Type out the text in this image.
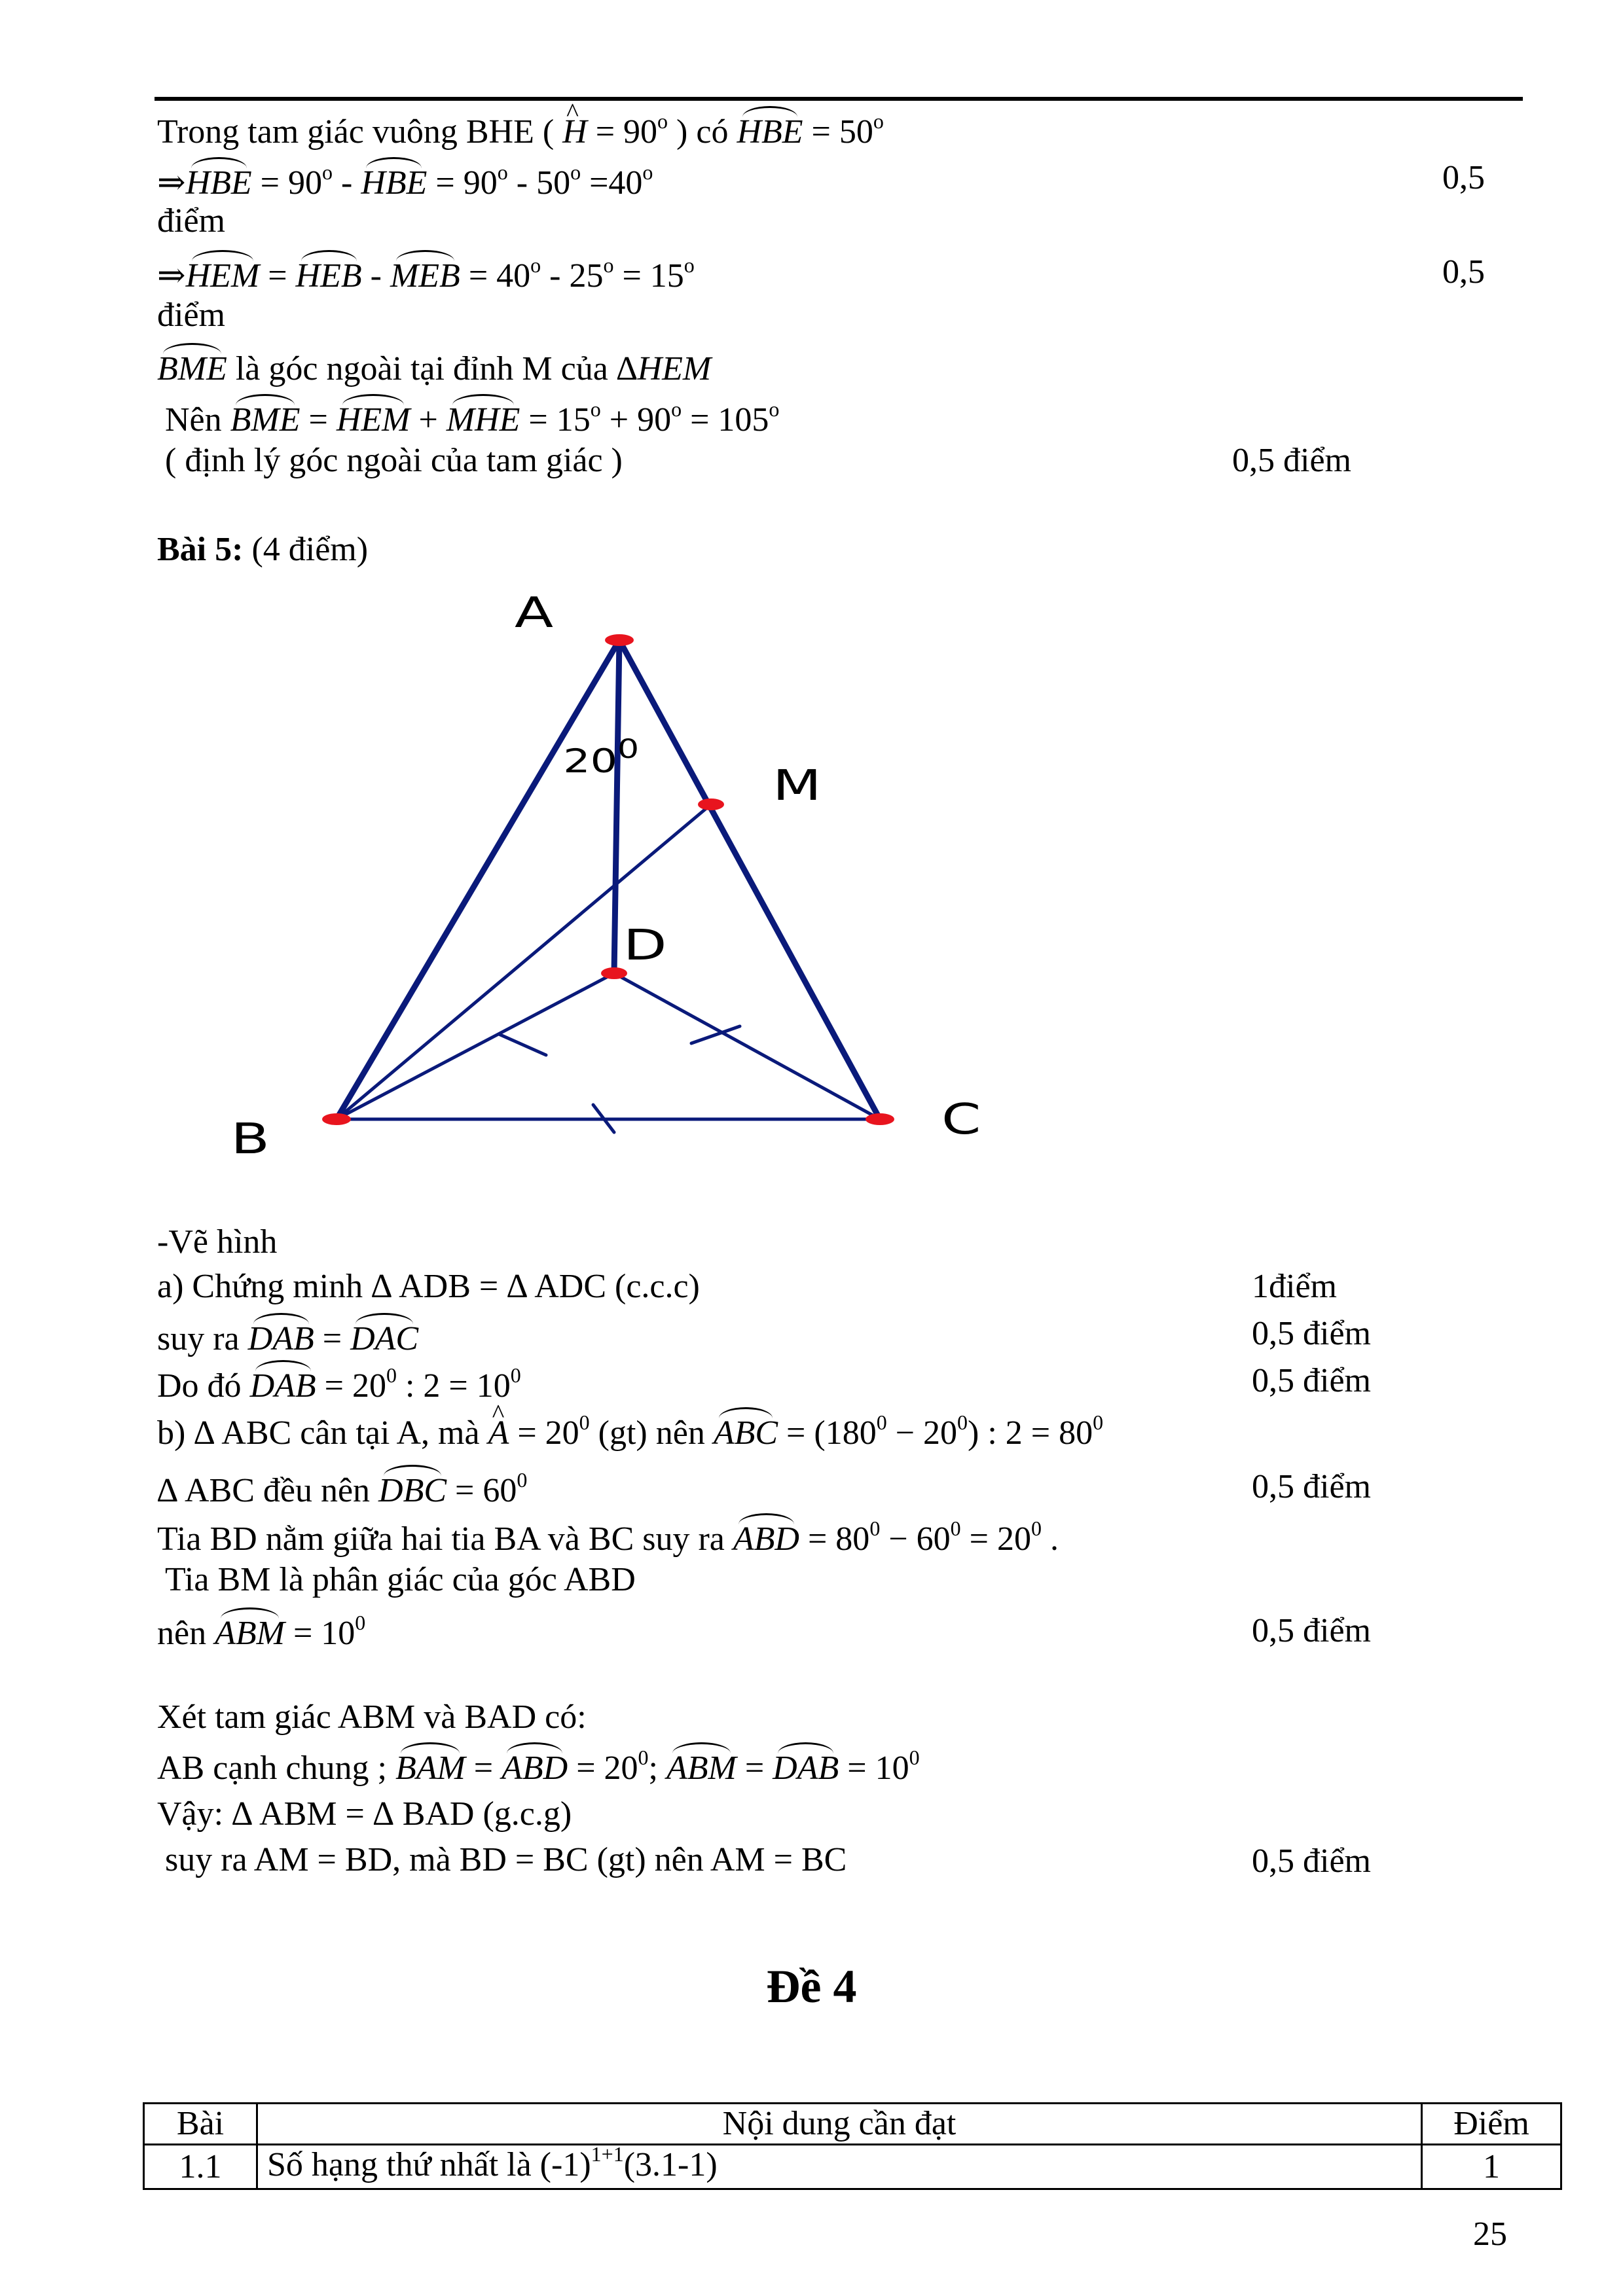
Trong tam giác vuông BHE ( ^ $H = 90^o$ ) có HBE = $50^o$
⇒HBE = $90^o$ - HBE = $90^o - 50^o =40^o$	0,5
điểm
⇒HEM = HEB - MEB = $40^o - 25^o = 15^o$	0,5
điểm
BME là góc ngoài tại đỉnh M của ∆HEM
Nên BME = HEM + MHE = $15^o + 90^o = 105^o$
( định lý góc ngoài của tam giác )	0,5 điểm
Bài 5: (4 điểm)
A
M
D
B	C
$20^0$
-Vẽ hình
a) Chứng minh ∆ ADB = ∆ ADC (c.c.c)	1điểm
suy ra DAB = DAC	0,5 điểm
Do đó DAB = $20^0$ : $2 = 10^0$	0,5 điểm
b) ∆ ABC cân tại A, mà ^ $A = 20^0$ (gt) nên ABC = $(180^0 - 20^0)$ : $2 = 80^0$
∆ ABC đều nên DBC = $60^0$	0,5 điểm
Tia BD nằm giữa hai tia BA và BC suy ra ABD = $80^0 - 60^0 = 20^0$ .
Tia BM là phân giác của góc ABD
nên ABM = $10^0$	0,5 điểm
Xét tam giác ABM và BAD có:
AB cạnh chung ; BAM = ABD = $20^0$; ABM = DAB = $10^0$
Vậy: ∆ ABM = ∆ BAD (g.c.g)
suy ra AM = BD, mà BD = BC (gt) nên AM = BC	0,5 điểm
Đề 4
Bài	Nội dung cần đạt	Điểm
1.1	Số hạng thứ nhất là $(-1)^{1+1}(3.1-1)$	1
25
